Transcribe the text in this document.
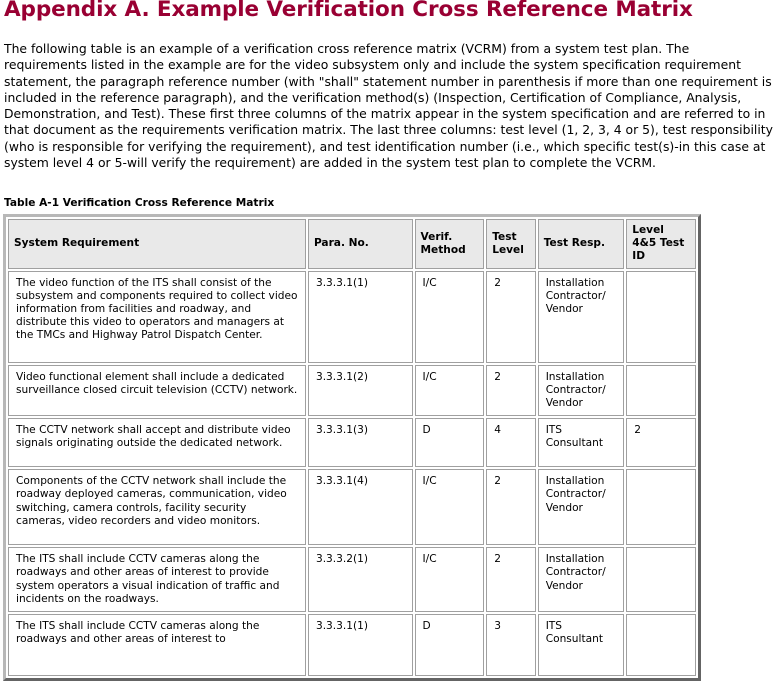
Appendix A. Example Verification Cross Reference Matrix

The following table is an example of a verification cross reference matrix (VCRM) from a system test plan. The requirements listed in the example are for the video subsystem only and include the system specification requirement statement, the paragraph reference number (with "shall" statement number in parenthesis if more than one requirement is included in the reference paragraph), and the verification method(s) (Inspection, Certification of Compliance, Analysis, Demonstration, and Test). These first three columns of the matrix appear in the system specification and are referred to in that document as the requirements verification matrix. The last three columns: test level (1, 2, 3, 4 or 5), test responsibility (who is responsible for verifying the requirement), and test identification number (i.e., which specific test(s)-in this case at system level 4 or 5-will verify the requirement) are added in the system test plan to complete the VCRM.

Table A-1 Verification Cross Reference Matrix
System Requirement	Para. No.	Verif. Method	Test Level	Test Resp.	Level 4&5 Test ID
The video function of the ITS shall consist of the subsystem and components required to collect video information from facilities and roadway, and distribute this video to operators and managers at the TMCs and Highway Patrol Dispatch Center.	3.3.3.1(1)	I/C	2	Installation Contractor/ Vendor	
Video functional element shall include a dedicated surveillance closed circuit television (CCTV) network.	3.3.3.1(2)	I/C	2	Installation Contractor/ Vendor	
The CCTV network shall accept and distribute video signals originating outside the dedicated network.	3.3.3.1(3)	D	4	ITS Consultant	2
Components of the CCTV network shall include the roadway deployed cameras, communication, video switching, camera controls, facility security cameras, video recorders and video monitors.	3.3.3.1(4)	I/C	2	Installation Contractor/ Vendor	
The ITS shall include CCTV cameras along the roadways and other areas of interest to provide system operators a visual indication of traffic and incidents on the roadways.	3.3.3.2(1)	I/C	2	Installation Contractor/ Vendor	
The ITS shall include CCTV cameras along the roadways and other areas of interest to	3.3.3.1(1)	D	3	ITS Consultant	
